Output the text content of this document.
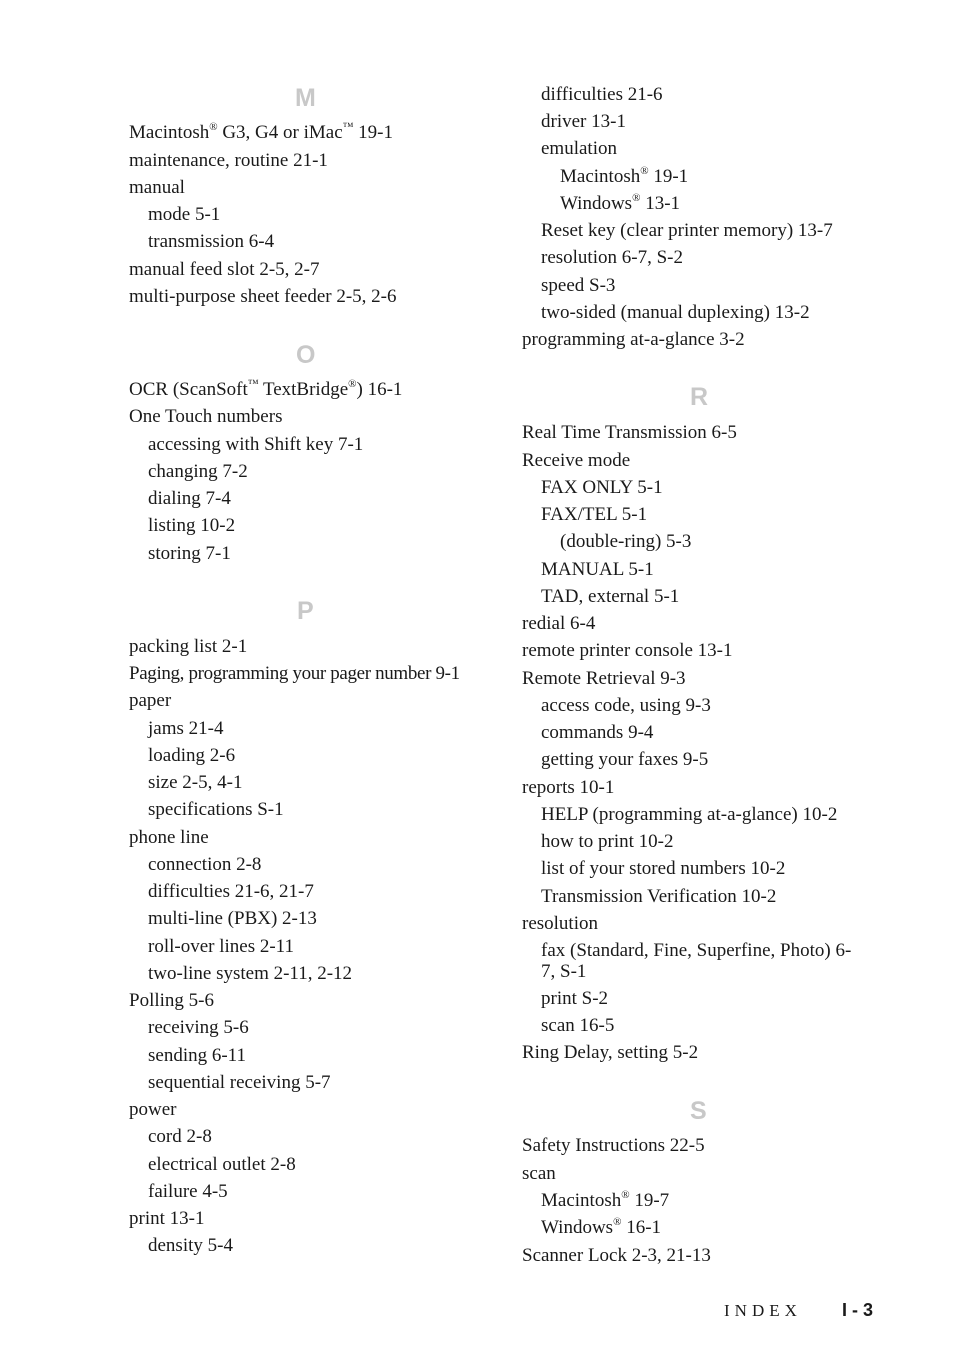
M
Macintosh® G3, G4 or iMac™ 19-1
maintenance, routine 21-1
manual
mode 5-1
transmission 6-4
manual feed slot 2-5, 2-7
multi-purpose sheet feeder 2-5, 2-6
O
OCR (ScanSoft™ TextBridge®) 16-1
One Touch numbers
accessing with Shift key 7-1
changing 7-2
dialing 7-4
listing 10-2
storing 7-1
P
packing list 2-1
Paging, programming your pager number 9-1
paper
jams 21-4
loading 2-6
size 2-5, 4-1
specifications S-1
phone line
connection 2-8
difficulties 21-6, 21-7
multi-line (PBX) 2-13
roll-over lines 2-11
two-line system 2-11, 2-12
Polling 5-6
receiving 5-6
sending 6-11
sequential receiving 5-7
power
cord 2-8
electrical outlet 2-8
failure 4-5
print 13-1
density 5-4
difficulties 21-6
driver 13-1
emulation
Macintosh® 19-1
Windows® 13-1
Reset key (clear printer memory) 13-7
resolution 6-7, S-2
speed S-3
two-sided (manual duplexing) 13-2
programming at-a-glance 3-2
R
Real Time Transmission 6-5
Receive mode
FAX ONLY 5-1
FAX/TEL 5-1
(double-ring) 5-3
MANUAL 5-1
TAD, external 5-1
redial 6-4
remote printer console 13-1
Remote Retrieval 9-3
access code, using 9-3
commands 9-4
getting your faxes 9-5
reports 10-1
HELP (programming at-a-glance) 10-2
how to print 10-2
list of your stored numbers 10-2
Transmission Verification 10-2
resolution
fax (Standard, Fine, Superfine, Photo) 6-7, S-1
print S-2
scan 16-5
Ring Delay, setting 5-2
S
Safety Instructions 22-5
scan
Macintosh® 19-7
Windows® 16-1
Scanner Lock 2-3, 21-13
INDEX I - 3
